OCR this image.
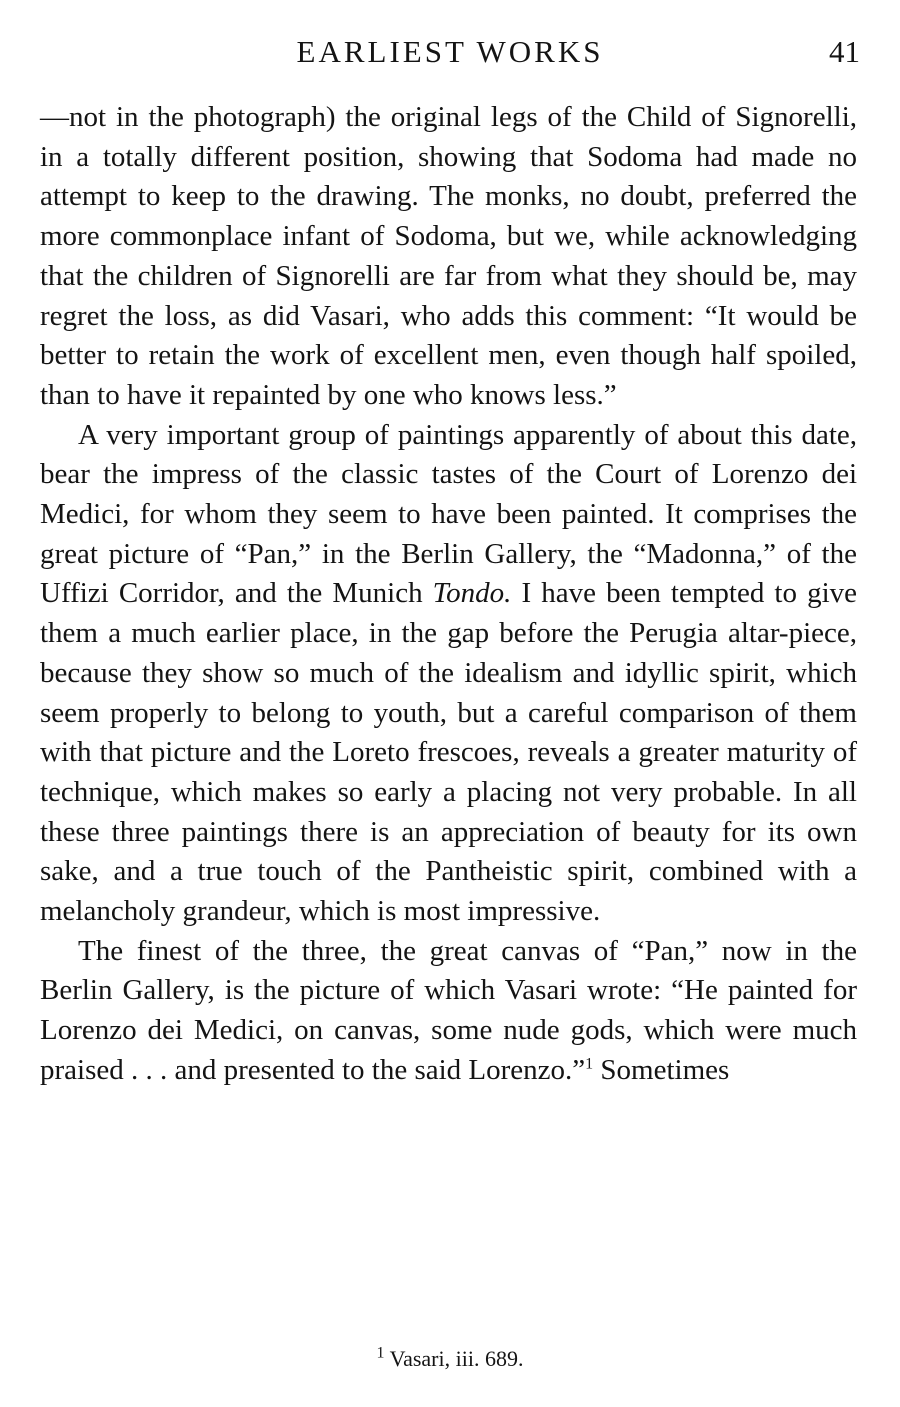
EARLIEST WORKS	41

—not in the photograph) the original legs of the Child of Signorelli, in a totally different position, showing that Sodoma had made no attempt to keep to the drawing. The monks, no doubt, preferred the more commonplace infant of Sodoma, but we, while acknowledging that the children of Signorelli are far from what they should be, may regret the loss, as did Vasari, who adds this comment: “It would be better to retain the work of excellent men, even though half spoiled, than to have it repainted by one who knows less.”

A very important group of paintings apparently of about this date, bear the impress of the classic tastes of the Court of Lorenzo dei Medici, for whom they seem to have been painted. It comprises the great picture of “Pan,” in the Berlin Gallery, the “Madonna,” of the Uffizi Corridor, and the Munich Tondo. I have been tempted to give them a much earlier place, in the gap before the Perugia altar-piece, because they show so much of the idealism and idyllic spirit, which seem properly to belong to youth, but a careful comparison of them with that picture and the Loreto frescoes, reveals a greater maturity of technique, which makes so early a placing not very probable. In all these three paintings there is an appreciation of beauty for its own sake, and a true touch of the Pantheistic spirit, combined with a melancholy grandeur, which is most impressive.

The finest of the three, the great canvas of “Pan,” now in the Berlin Gallery, is the picture of which Vasari wrote: “He painted for Lorenzo dei Medici, on canvas, some nude gods, which were much praised . . . and presented to the said Lorenzo.”$^1$ Sometimes

$^1$ Vasari, iii. 689.
